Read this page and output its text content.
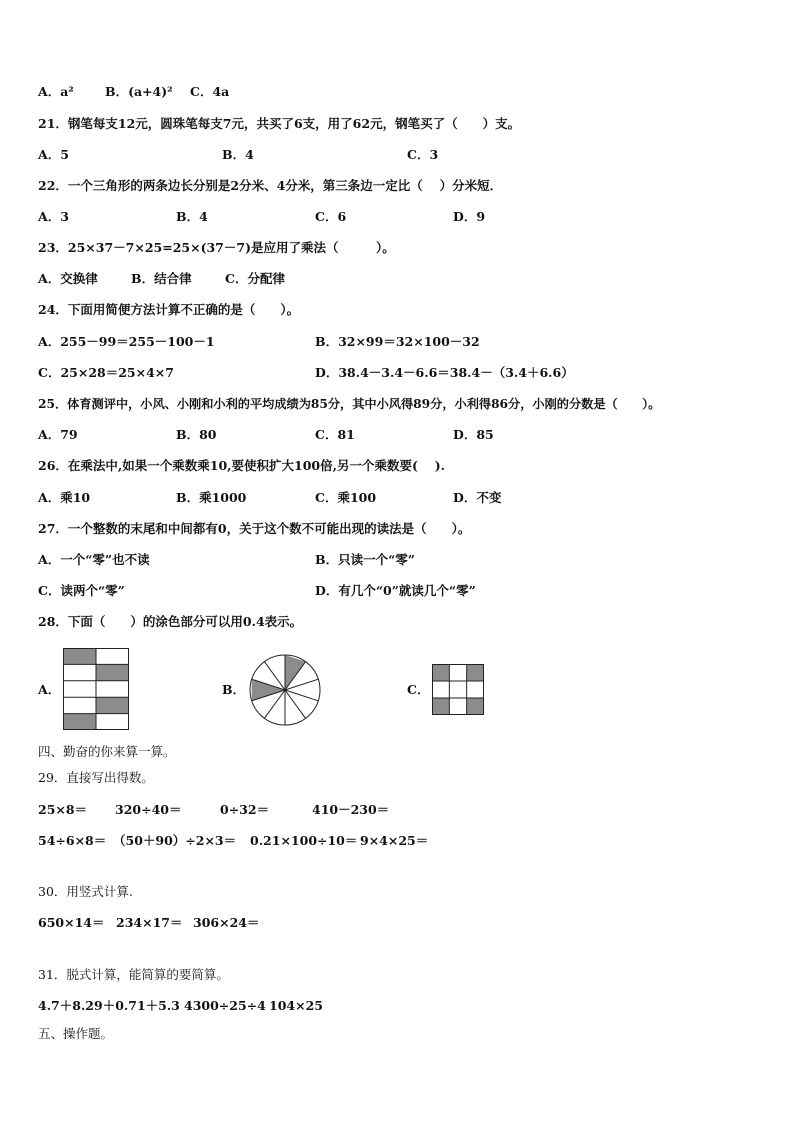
A．a² B．(a+4)² C．4a
21．钢笔每支12元，圆珠笔每支7元，共买了6支，用了62元，钢笔买了（　　）支。
A．5	B．4	C．3
22．一个三角形的两条边长分别是2分米、4分米，第三条边一定比（　 ）分米短．
A．3	B．4	C．6	D．9
23．25×37－7×25=25×(37－7)是应用了乘法（　　　）。
A．交换律	B．结合律	C．分配律
24．下面用简便方法计算不正确的是（　　）。
A．255－99＝255－100－1	B．32×99＝32×100－32
C．25×28＝25×4×7	D．38.4－3.4－6.6＝38.4－（3.4＋6.6）
25．体育测评中，小风、小刚和小利的平均成绩为85分，其中小风得89分，小利得86分，小刚的分数是（　　）。
A．79	B．80	C．81	D．85
26．在乘法中,如果一个乘数乘10,要使积扩大100倍,另一个乘数要(　 ).
A．乘10	B．乘1000	C．乘100	D．不变
27．一个整数的末尾和中间都有0，关于这个数不可能出现的读法是（　　）。
A．一个“零”也不读	B．只读一个“零”
C．读两个“零”	D．有几个“0”就读几个“零”
28．下面（　　）的涂色部分可以用0.4表示。
A．	B．	C．
四、勤奋的你来算一算。
29．直接写出得数。
25×8＝ 320÷40＝	0÷32＝	410－230＝
54÷6×8＝ （50＋90）÷2×3＝ 0.21×100÷10＝ 9×4×25＝
30．用竖式计算.
650×14＝ 234×17＝ 306×24＝
31．脱式计算，能简算的要简算。
4.7＋8.29＋0.71＋5.3 4300÷25÷4 104×25
五、操作题。
